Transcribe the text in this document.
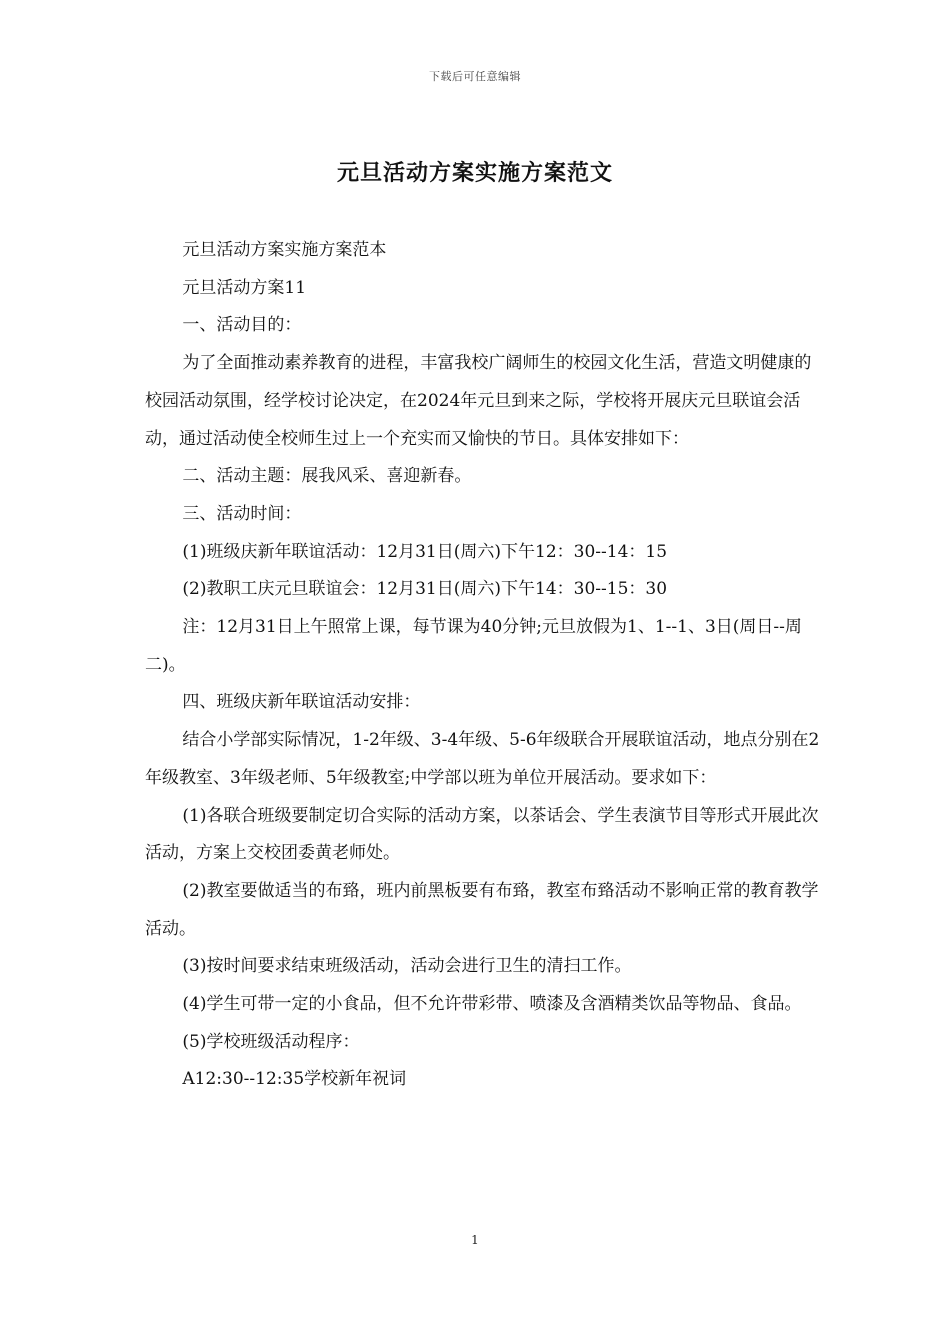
下载后可任意编辑
元旦活动方案实施方案范文

元旦活动方案实施方案范本

元旦活动方案11

一、活动目的：

为了全面推动素养教育的进程，丰富我校广阔师生的校园文化生活，营造文明健康的校园活动氛围，经学校讨论决定，在2024年元旦到来之际，学校将开展庆元旦联谊会活动，通过活动使全校师生过上一个充实而又愉快的节日。具体安排如下：

二、活动主题：展我风采、喜迎新春。

三、活动时间：

(1)班级庆新年联谊活动：12月31日(周六)下午12：30--14：15

(2)教职工庆元旦联谊会：12月31日(周六)下午14：30--15：30

注：12月31日上午照常上课，每节课为40分钟;元旦放假为1、1--1、3日(周日--周二)。

四、班级庆新年联谊活动安排：

结合小学部实际情况，1-2年级、3-4年级、5-6年级联合开展联谊活动，地点分别在2年级教室、3年级老师、5年级教室;中学部以班为单位开展活动。要求如下：

(1)各联合班级要制定切合实际的活动方案，以茶话会、学生表演节目等形式开展此次活动，方案上交校团委黄老师处。

(2)教室要做适当的布臵，班内前黑板要有布臵，教室布臵活动不影响正常的教育教学活动。

(3)按时间要求结束班级活动，活动会进行卫生的清扫工作。

(4)学生可带一定的小食品，但不允许带彩带、喷漆及含酒精类饮品等物品、食品。

(5)学校班级活动程序：

A12:30--12:35学校新年祝词

1
